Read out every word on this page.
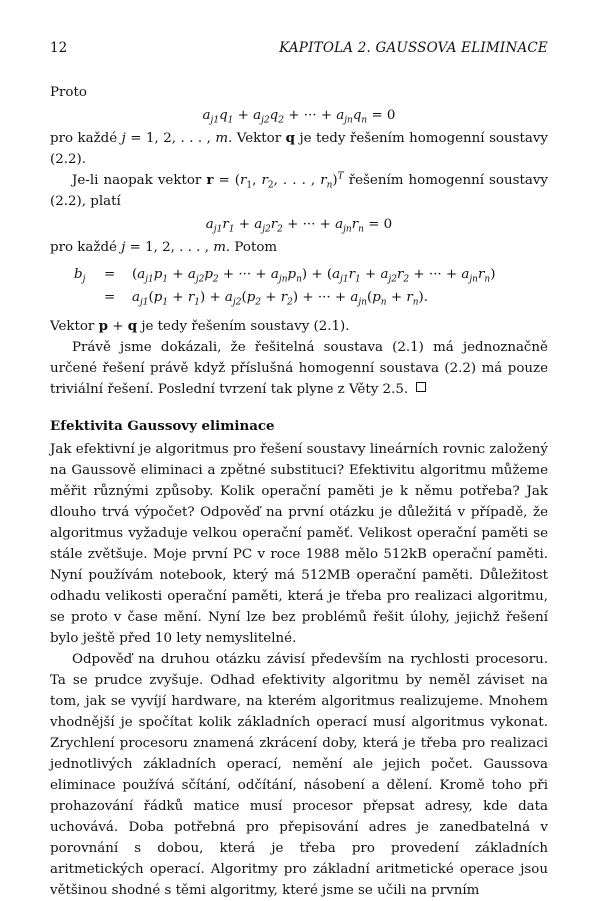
12	KAPITOLA 2. GAUSSOVA ELIMINACE

Proto

$a_{j1}q_1 + a_{j2}q_2$ + ··· + $a_{jn}q_n = 0$

pro každé j = 1, 2, . . . , m. Vektor q je tedy řešením homogenní soustavy (2.2).

Je-li naopak vektor $r = (r_1$, $r_2$, . . . , $r_n)^T$ řešením homogenní soustavy (2.2), platí

$a_{j1}r_1 + a_{j2}r_2$ + ··· + $a_{jn}r_n = 0$

pro každé j = 1, 2, . . . , m. Potom

$b_j = (a_{j1}p_1 + a_{j2}p_2$ + ··· + $a_{jn}p_n) + (a_{j1}r_1 + a_{j2}r_2$ + ··· + $a_{jn}r_n$)
= $a_{j1}(p_1 + r_1) + a_{j2}(p_2 + r_2)$ + ··· + $a_{jn}(p_n + r_n)$.

Vektor p + q je tedy řešením soustavy (2.1).

Právě jsme dokázali, že řešitelná soustava (2.1) má jednoznačně určené řešení právě když příslušná homogenní soustava (2.2) má pouze triviální řešení. Poslední tvrzení tak plyne z Věty 2.5.

Efektivita Gaussovy eliminace

Jak efektivní je algoritmus pro řešení soustavy lineárních rovnic založený na Gaussově eliminaci a zpětné substituci? Efektivitu algoritmu můžeme měřit různými způsoby. Kolik operační paměti je k němu potřeba? Jak dlouho trvá výpočet? Odpověď na první otázku je důležitá v případě, že algoritmus vyžaduje velkou operační paměť. Velikost operační paměti se stále zvětšuje. Moje první PC v roce 1988 mělo 512kB operační paměti. Nyní používám notebook, který má 512MB operační paměti. Důležitost odhadu velikosti operační paměti, která je třeba pro realizaci algoritmu, se proto v čase mění. Nyní lze bez problémů řešit úlohy, jejichž řešení bylo ještě před 10 lety nemyslitelné.

Odpověď na druhou otázku závisí především na rychlosti procesoru. Ta se prudce zvyšuje. Odhad efektivity algoritmu by neměl záviset na tom, jak se vyvíjí hardware, na kterém algoritmus realizujeme. Mnohem vhodnější je spočítat kolik základních operací musí algoritmus vykonat. Zrychlení procesoru znamená zkrácení doby, která je třeba pro realizaci jednotlivých základních operací, nemění ale jejich počet. Gaussova eliminace používá sčítání, odčítání, násobení a dělení. Kromě toho při prohazování řádků matice musí procesor přepsat adresy, kde data uchovává. Doba potřebná pro přepisování adres je zanedbatelná v porovnání s dobou, která je třeba pro provedení základních aritmetických operací. Algoritmy pro základní aritmetické operace jsou většinou shodné s těmi algoritmy, které jsme se učili na prvním
